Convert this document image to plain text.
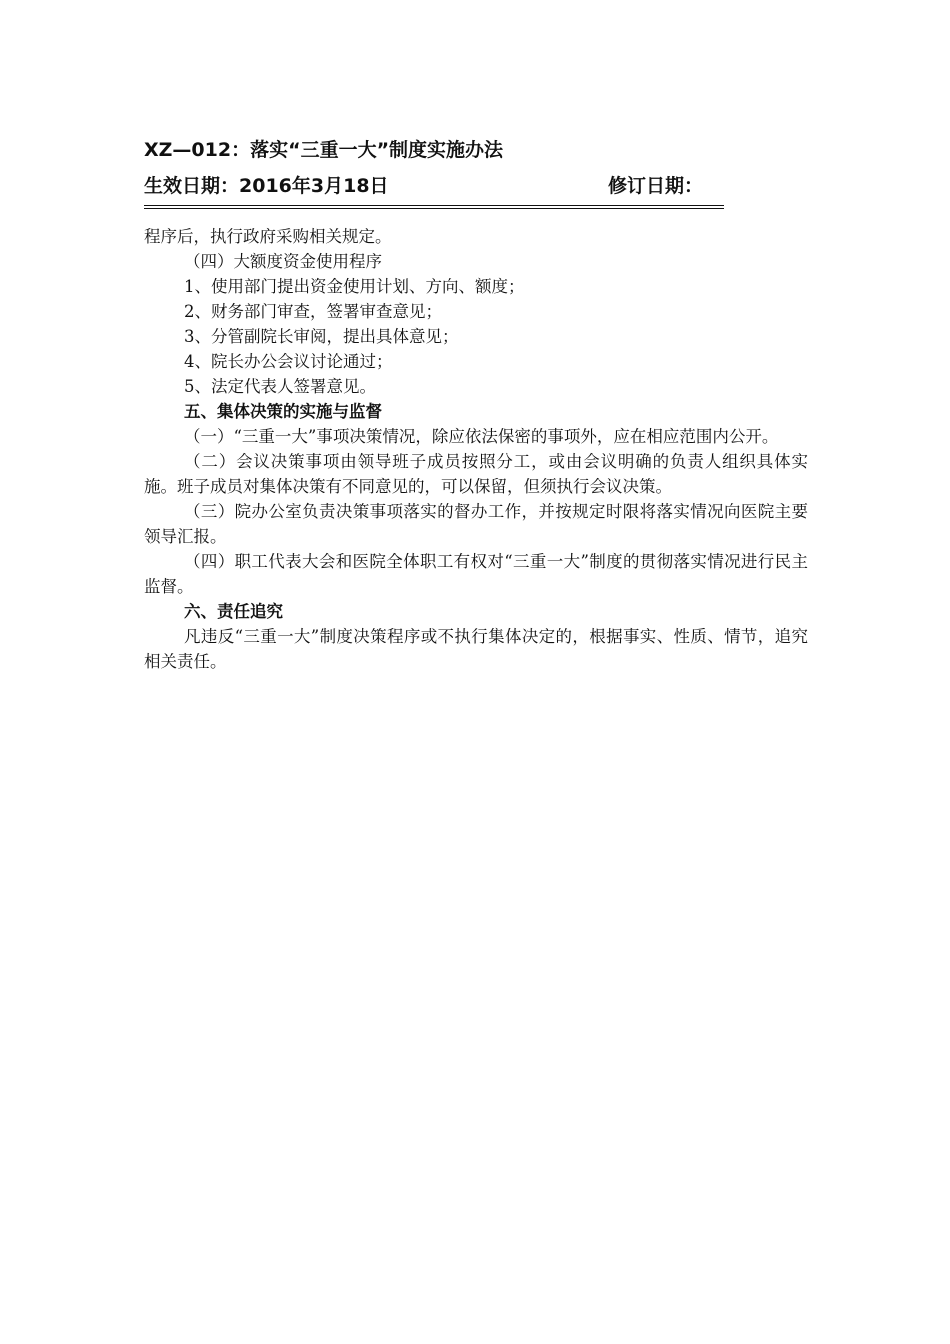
XZ—012：落实“三重一大”制度实施办法
生效日期：2016年3月18日	修订日期：

程序后，执行政府采购相关规定。

（四）大额度资金使用程序

1、使用部门提出资金使用计划、方向、额度；

2、财务部门审查，签署审查意见；

3、分管副院长审阅，提出具体意见；

4、院长办公会议讨论通过；

5、法定代表人签署意见。

五、集体决策的实施与监督

（一）“三重一大”事项决策情况，除应依法保密的事项外，应在相应范围内公开。

（二）会议决策事项由领导班子成员按照分工，或由会议明确的负责人组织具体实施。班子成员对集体决策有不同意见的，可以保留，但须执行会议决策。

（三）院办公室负责决策事项落实的督办工作，并按规定时限将落实情况向医院主要领导汇报。

（四）职工代表大会和医院全体职工有权对“三重一大”制度的贯彻落实情况进行民主监督。

六、责任追究

凡违反“三重一大”制度决策程序或不执行集体决定的，根据事实、性质、情节，追究相关责任。
